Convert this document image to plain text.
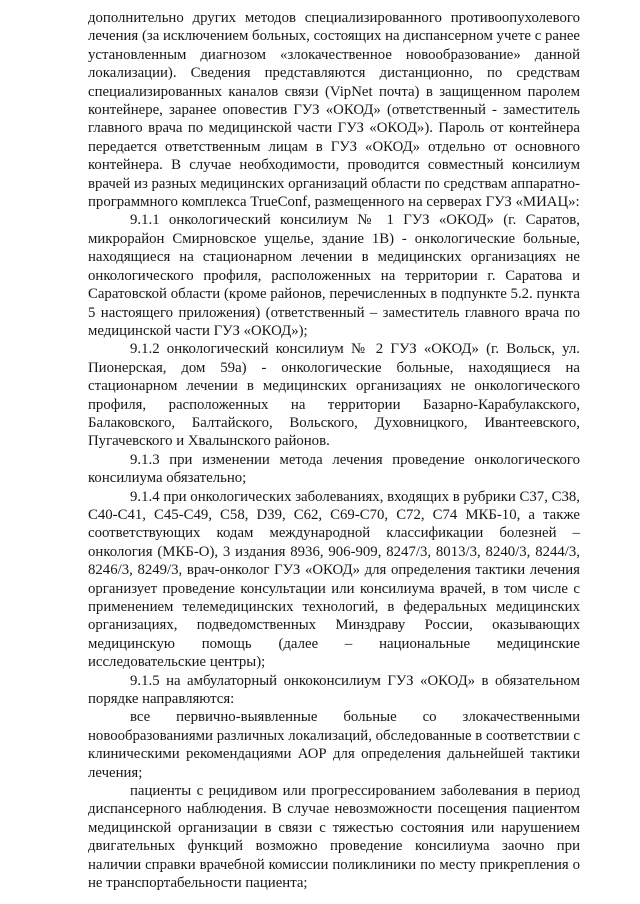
дополнительно других методов специализированного противоопухолевого лечения (за исключением больных, состоящих на диспансерном учете с ранее установленным диагнозом «злокачественное новообразование» данной локализации). Сведения представляются дистанционно, по средствам специализированных каналов связи (VipNet почта) в защищенном паролем контейнере, заранее оповестив ГУЗ «ОКОД» (ответственный - заместитель главного врача по медицинской части ГУЗ «ОКОД»). Пароль от контейнера передается ответственным лицам в ГУЗ «ОКОД» отдельно от основного контейнера. В случае необходимости, проводится совместный консилиум врачей из разных медицинских организаций области по средствам аппаратно-программного комплекса TrueConf, размещенного на серверах ГУЗ «МИАЦ»:

9.1.1 онкологический консилиум № 1 ГУЗ «ОКОД» (г. Саратов, микрорайон Смирновское ущелье, здание 1В) - онкологические больные, находящиеся на стационарном лечении в медицинских организациях не онкологического профиля, расположенных на территории г. Саратова и Саратовской области (кроме районов, перечисленных в подпункте 5.2. пункта 5 настоящего приложения) (ответственный – заместитель главного врача по медицинской части ГУЗ «ОКОД»);

9.1.2 онкологический консилиум № 2 ГУЗ «ОКОД» (г. Вольск, ул. Пионерская, дом 59а) - онкологические больные, находящиеся на стационарном лечении в медицинских организациях не онкологического профиля, расположенных на территории Базарно-Карабулакского, Балаковского, Балтайского, Вольского, Духовницкого, Ивантеевского, Пугачевского и Хвалынского районов.

9.1.3 при изменении метода лечения проведение онкологического консилиума обязательно;

9.1.4 при онкологических заболеваниях, входящих в рубрики С37, С38, С40-С41, С45-С49, С58, D39, С62, С69-С70, С72, С74 МКБ-10, а также соответствующих кодам международной классификации болезней – онкология (МКБ-О), 3 издания 8936, 906-909, 8247/3, 8013/3, 8240/3, 8244/3, 8246/3, 8249/3, врач-онколог ГУЗ «ОКОД» для определения тактики лечения организует проведение консультации или консилиума врачей, в том числе с применением телемедицинских технологий, в федеральных медицинских организациях, подведомственных Минздраву России, оказывающих медицинскую помощь (далее – национальные медицинские исследовательские центры);

9.1.5 на амбулаторный онкоконсилиум ГУЗ «ОКОД» в обязательном порядке направляются:

все первично-выявленные больные со злокачественными новообразованиями различных локализаций, обследованные в соответствии с клиническими рекомендациями АОР для определения дальнейшей тактики лечения;

пациенты с рецидивом или прогрессированием заболевания в период диспансерного наблюдения. В случае невозможности посещения пациентом медицинской организации в связи с тяжестью состояния или нарушением двигательных функций возможно проведение консилиума заочно при наличии справки врачебной комиссии поликлиники по месту прикрепления о не транспортабельности пациента;
